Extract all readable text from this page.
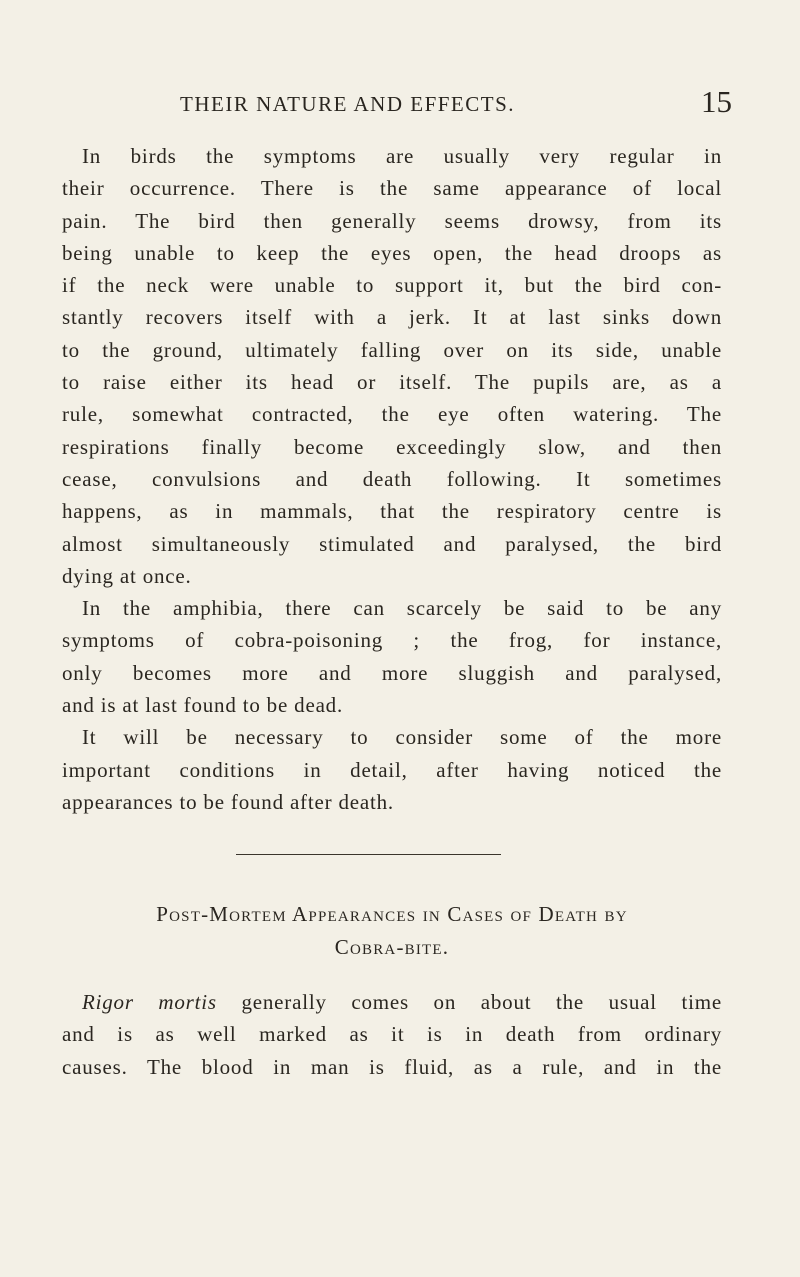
THEIR NATURE AND EFFECTS.	15
In birds the symptoms are usually very regular in
their occurrence. There is the same appearance of local
pain. The bird then generally seems drowsy, from its
being unable to keep the eyes open, the head droops as
if the neck were unable to support it, but the bird con-
stantly recovers itself with a jerk. It at last sinks down
to the ground, ultimately falling over on its side, unable
to raise either its head or itself. The pupils are, as a
rule, somewhat contracted, the eye often watering. The
respirations finally become exceedingly slow, and then
cease, convulsions and death following. It sometimes
happens, as in mammals, that the respiratory centre is
almost simultaneously stimulated and paralysed, the bird
dying at once.
In the amphibia, there can scarcely be said to be any
symptoms of cobra-poisoning ; the frog, for instance,
only becomes more and more sluggish and paralysed,
and is at last found to be dead.
It will be necessary to consider some of the more
important conditions in detail, after having noticed the
appearances to be found after death.
Post-Mortem Appearances in Cases of Death by
Cobra-bite.
Rigor mortis generally comes on about the usual time
and is as well marked as it is in death from ordinary
causes. The blood in man is fluid, as a rule, and in the
